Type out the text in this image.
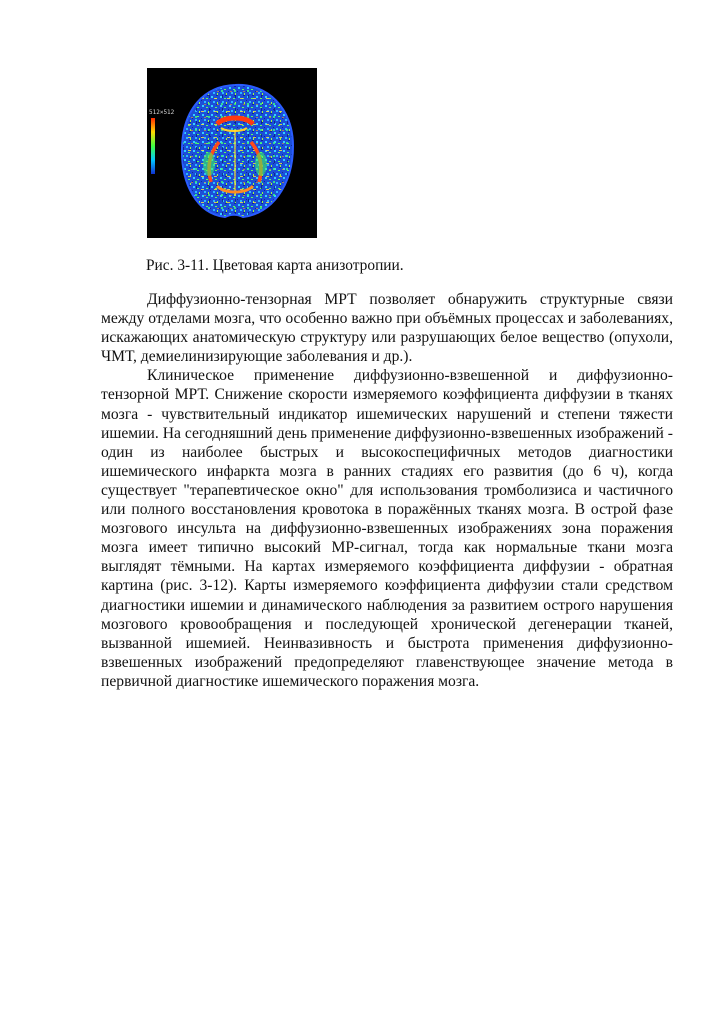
512×512
Рис. 3-11. Цветовая карта анизотропии.

Диффузионно-тензорная МРТ позволяет обнаружить структурные связи между отделами мозга, что особенно важно при объёмных процессах и заболеваниях, искажающих анатомическую структуру или разрушающих белое вещество (опухоли, ЧМТ, демиелинизирующие заболевания и др.).

Клиническое применение диффузионно-взвешенной и диффузионно-тензорной МРТ. Снижение скорости измеряемого коэффициента диффузии в тканях мозга - чувствительный индикатор ишемических нарушений и степени тяжести ишемии. На сегодняшний день применение диффузионно-взвешенных изображений - один из наиболее быстрых и высокоспецифичных методов диагностики ишемического инфаркта мозга в ранних стадиях его развития (до 6 ч), когда существует "терапевтическое окно" для использования тромболизиса и частичного или полного восстановления кровотока в поражённых тканях мозга. В острой фазе мозгового инсульта на диффузионно-взвешенных изображениях зона поражения мозга имеет типично высокий МР-сигнал, тогда как нормальные ткани мозга выглядят тёмными. На картах измеряемого коэффициента диффузии - обратная картина (рис. 3-12). Карты измеряемого коэффициента диффузии стали средством диагностики ишемии и динамического наблюдения за развитием острого нарушения мозгового кровообращения и последующей хронической дегенерации тканей, вызванной ишемией. Неинвазивность и быстрота применения диффузионно-взвешенных изображений предопределяют главенствующее значение метода в первичной диагностике ишемического поражения мозга.
